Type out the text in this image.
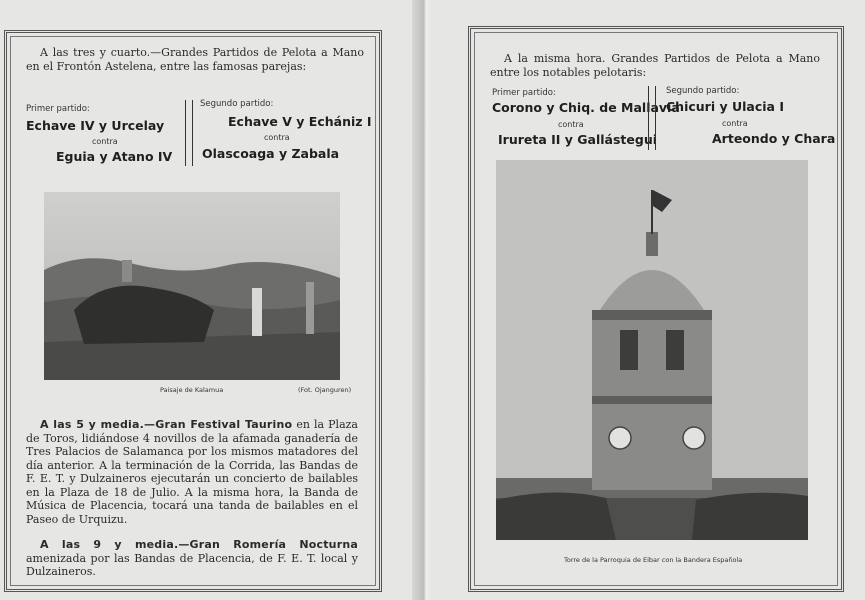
A las tres y cuarto.—Grandes Partidos de Pelota a Mano en el Frontón Astelena, entre las famosas parejas:

Primer partido:
Echave IV y Urcelay
contra
Eguia y Atano IV
Segundo partido:
Echave V y Echániz I
contra
Olascoaga y Zabala
Paisaje de Kalamua	(Fot. Ojanguren)

A las 5 y media.—Gran Festival Taurino en la Plaza de Toros, lidiándose 4 novillos de la afamada ganadería de Tres Palacios de Salamanca por los mismos matadores del día anterior. A la terminación de la Corrida, las Bandas de F. E. T. y Dulzaineros ejecutarán un concierto de bailables en la Plaza de 18 de Julio. A la misma hora, la Banda de Música de Placencia, tocará una tanda de bailables en el Paseo de Urquizu.

A las 9 y media.—Gran Romería Nocturna amenizada por las Bandas de Placencia, de F. E. T. local y Dulzaineros.

A la misma hora. Grandes Partidos de Pelota a Mano entre los notables pelotaris:

Primer partido:
Corono y Chiq. de Mallavia
contra
Irureta II y Gallástegui
Segundo partido:
Chicuri y Ulacia I
contra
Arteondo y Chara
Torre de la Parroquia de Eibar con la Bandera Española
